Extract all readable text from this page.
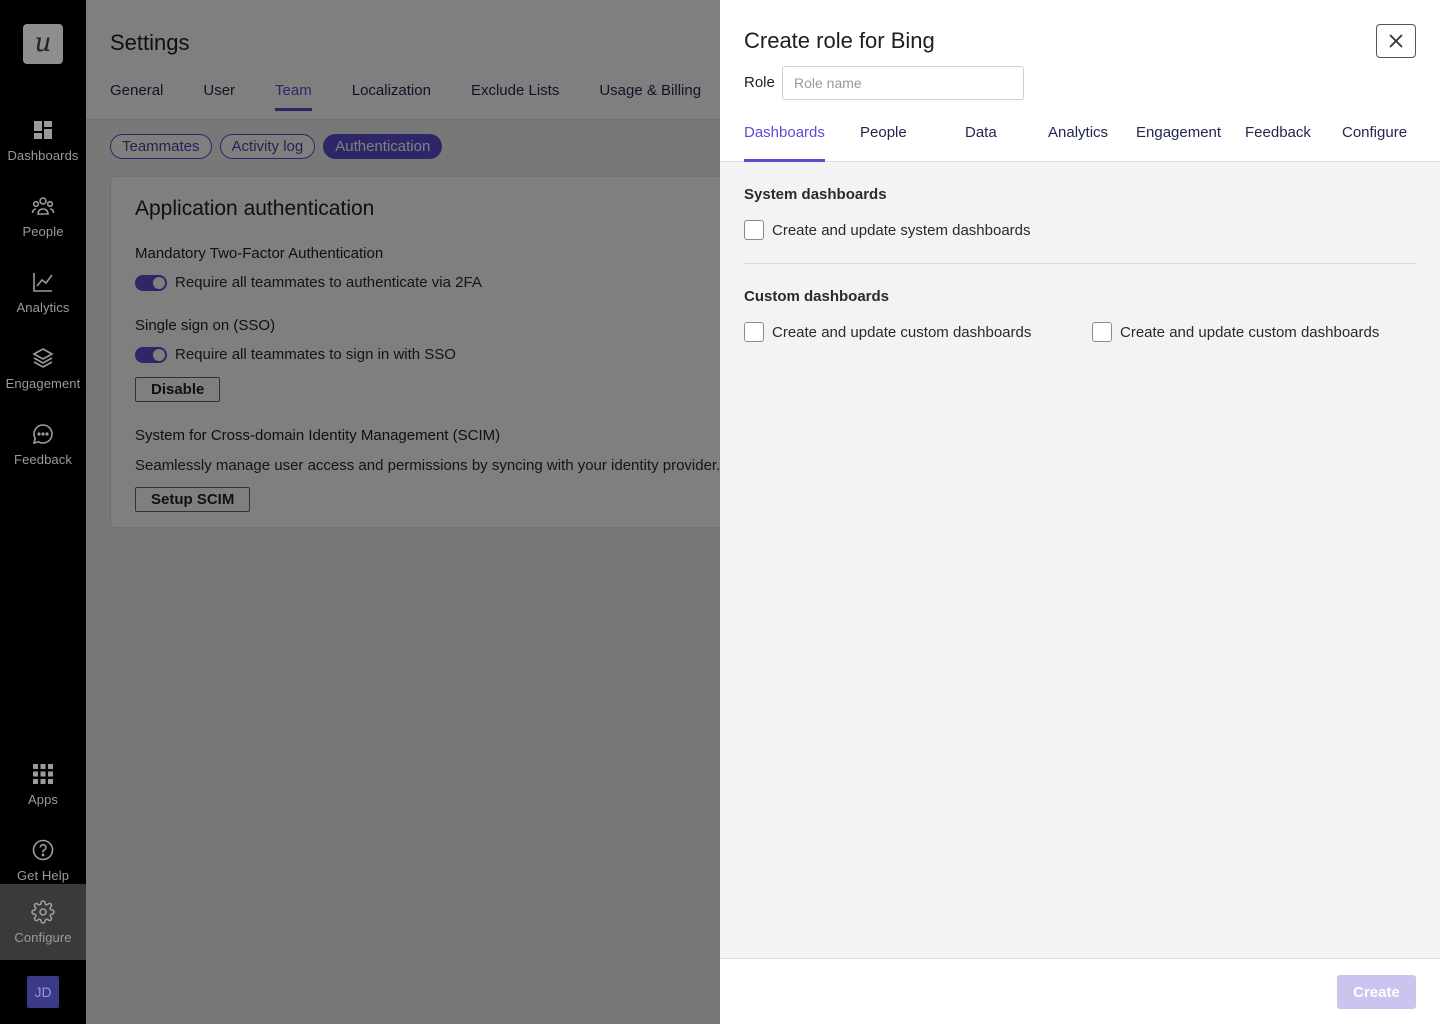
u
Dashboards
People
Analytics
Engagement
Feedback
Apps
Get Help
Configure
JD
Create role for Bing
Role
Role name
Dashboards People	Data	Analytics Engagement Feedback Configure
System dashboards
Create and update system dashboards
Custom dashboards
Create and update custom dashboards	Create and update custom dashboards
Create
